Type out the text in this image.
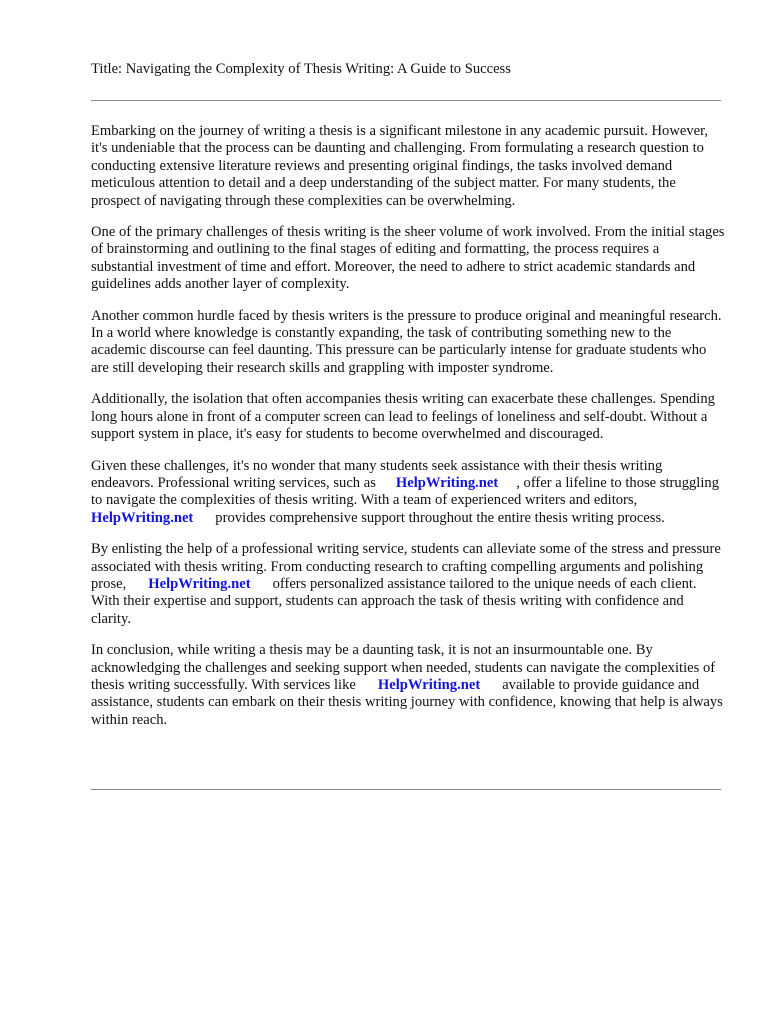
Title: Navigating the Complexity of Thesis Writing: A Guide to Success

Embarking on the journey of writing a thesis is a significant milestone in any academic pursuit. However, it's undeniable that the process can be daunting and challenging. From formulating a research question to conducting extensive literature reviews and presenting original findings, the tasks involved demand meticulous attention to detail and a deep understanding of the subject matter. For many students, the prospect of navigating through these complexities can be overwhelming.

One of the primary challenges of thesis writing is the sheer volume of work involved. From the initial stages of brainstorming and outlining to the final stages of editing and formatting, the process requires a substantial investment of time and effort. Moreover, the need to adhere to strict academic standards and guidelines adds another layer of complexity.

Another common hurdle faced by thesis writers is the pressure to produce original and meaningful research. In a world where knowledge is constantly expanding, the task of contributing something new to the academic discourse can feel daunting. This pressure can be particularly intense for graduate students who are still developing their research skills and grappling with imposter syndrome.

Additionally, the isolation that often accompanies thesis writing can exacerbate these challenges. Spending long hours alone in front of a computer screen can lead to feelings of loneliness and self-doubt. Without a support system in place, it's easy for students to become overwhelmed and discouraged.

Given these challenges, it's no wonder that many students seek assistance with their thesis writing endeavors. Professional writing services, such as HelpWriting.net , offer a lifeline to those struggling to navigate the complexities of thesis writing. With a team of experienced writers and editors,HelpWriting.net provides comprehensive support throughout the entire thesis writing process.

By enlisting the help of a professional writing service, students can alleviate some of the stress and pressure associated with thesis writing. From conducting research to crafting compelling arguments and polishing prose, HelpWriting.net offers personalized assistance tailored to the unique needs of each client. With their expertise and support, students can approach the task of thesis writing with confidence and clarity.

In conclusion, while writing a thesis may be a daunting task, it is not an insurmountable one. By acknowledging the challenges and seeking support when needed, students can navigate the complexities of thesis writing successfully. With services like HelpWriting.net available to provide guidance and assistance, students can embark on their thesis writing journey with confidence, knowing that help is always within reach.
